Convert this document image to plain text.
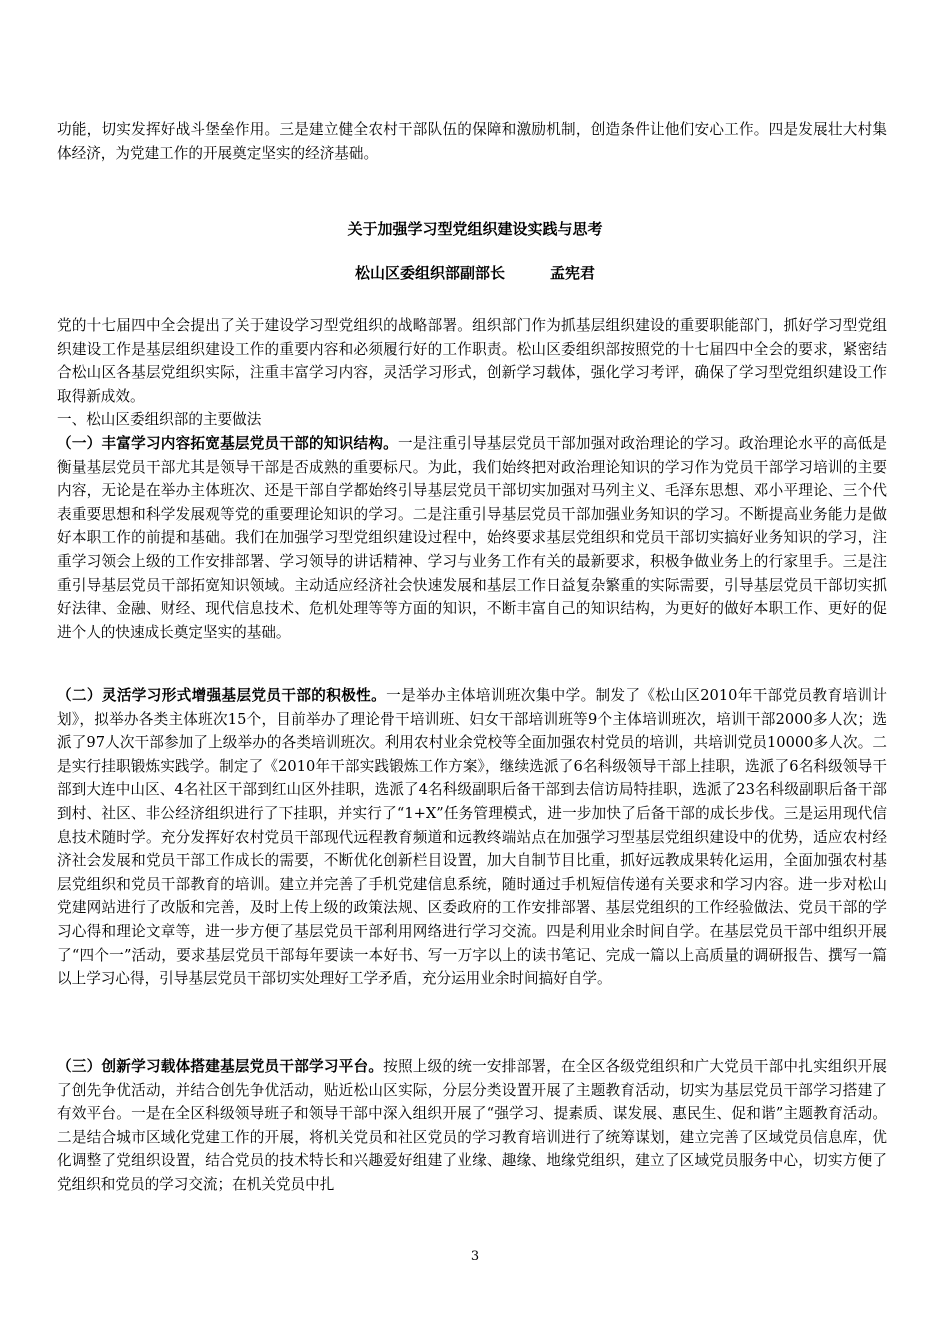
功能，切实发挥好战斗堡垒作用。三是建立健全农村干部队伍的保障和激励机制，创造条件让他们安心工作。四是发展壮大村集体经济，为党建工作的开展奠定坚实的经济基础。

关于加强学习型党组织建设实践与思考

松山区委组织部副部长　　　孟宪君

党的十七届四中全会提出了关于建设学习型党组织的战略部署。组织部门作为抓基层组织建设的重要职能部门，抓好学习型党组织建设工作是基层组织建设工作的重要内容和必须履行好的工作职责。松山区委组织部按照党的十七届四中全会的要求，紧密结合松山区各基层党组织实际，注重丰富学习内容，灵活学习形式，创新学习载体，强化学习考评，确保了学习型党组织建设工作取得新成效。

一、松山区委组织部的主要做法

（一）丰富学习内容拓宽基层党员干部的知识结构。一是注重引导基层党员干部加强对政治理论的学习。政治理论水平的高低是衡量基层党员干部尤其是领导干部是否成熟的重要标尺。为此，我们始终把对政治理论知识的学习作为党员干部学习培训的主要内容，无论是在举办主体班次、还是干部自学都始终引导基层党员干部切实加强对马列主义、毛泽东思想、邓小平理论、三个代表重要思想和科学发展观等党的重要理论知识的学习。二是注重引导基层党员干部加强业务知识的学习。不断提高业务能力是做好本职工作的前提和基础。我们在加强学习型党组织建设过程中，始终要求基层党组织和党员干部切实搞好业务知识的学习，注重学习领会上级的工作安排部署、学习领导的讲话精神、学习与业务工作有关的最新要求，积极争做业务上的行家里手。三是注重引导基层党员干部拓宽知识领域。主动适应经济社会快速发展和基层工作日益复杂繁重的实际需要，引导基层党员干部切实抓好法律、金融、财经、现代信息技术、危机处理等等方面的知识，不断丰富自己的知识结构，为更好的做好本职工作、更好的促进个人的快速成长奠定坚实的基础。

（二）灵活学习形式增强基层党员干部的积极性。一是举办主体培训班次集中学。制发了《松山区2010年干部党员教育培训计划》，拟举办各类主体班次15个，目前举办了理论骨干培训班、妇女干部培训班等9个主体培训班次，培训干部2000多人次；选派了97人次干部参加了上级举办的各类培训班次。利用农村业余党校等全面加强农村党员的培训，共培训党员10000多人次。二是实行挂职锻炼实践学。制定了《2010年干部实践锻炼工作方案》，继续选派了6名科级领导干部上挂职，选派了6名科级领导干部到大连中山区、4名社区干部到红山区外挂职，选派了4名科级副职后备干部到去信访局特挂职，选派了23名科级副职后备干部到村、社区、非公经济组织进行了下挂职，并实行了“1+X”任务管理模式，进一步加快了后备干部的成长步伐。三是运用现代信息技术随时学。充分发挥好农村党员干部现代远程教育频道和远教终端站点在加强学习型基层党组织建设中的优势，适应农村经济社会发展和党员干部工作成长的需要，不断优化创新栏目设置，加大自制节目比重，抓好远教成果转化运用，全面加强农村基层党组织和党员干部教育的培训。建立并完善了手机党建信息系统，随时通过手机短信传递有关要求和学习内容。进一步对松山党建网站进行了改版和完善，及时上传上级的政策法规、区委政府的工作安排部署、基层党组织的工作经验做法、党员干部的学习心得和理论文章等，进一步方便了基层党员干部利用网络进行学习交流。四是利用业余时间自学。在基层党员干部中组织开展了“四个一”活动，要求基层党员干部每年要读一本好书、写一万字以上的读书笔记、完成一篇以上高质量的调研报告、撰写一篇以上学习心得，引导基层党员干部切实处理好工学矛盾，充分运用业余时间搞好自学。

（三）创新学习载体搭建基层党员干部学习平台。按照上级的统一安排部署，在全区各级党组织和广大党员干部中扎实组织开展了创先争优活动，并结合创先争优活动，贴近松山区实际，分层分类设置开展了主题教育活动，切实为基层党员干部学习搭建了有效平台。一是在全区科级领导班子和领导干部中深入组织开展了“强学习、提素质、谋发展、惠民生、促和谐”主题教育活动。二是结合城市区域化党建工作的开展，将机关党员和社区党员的学习教育培训进行了统筹谋划，建立完善了区域党员信息库，优化调整了党组织设置，结合党员的技术特长和兴趣爱好组建了业缘、趣缘、地缘党组织，建立了区域党员服务中心，切实方便了党组织和党员的学习交流；在机关党员中扎

3
